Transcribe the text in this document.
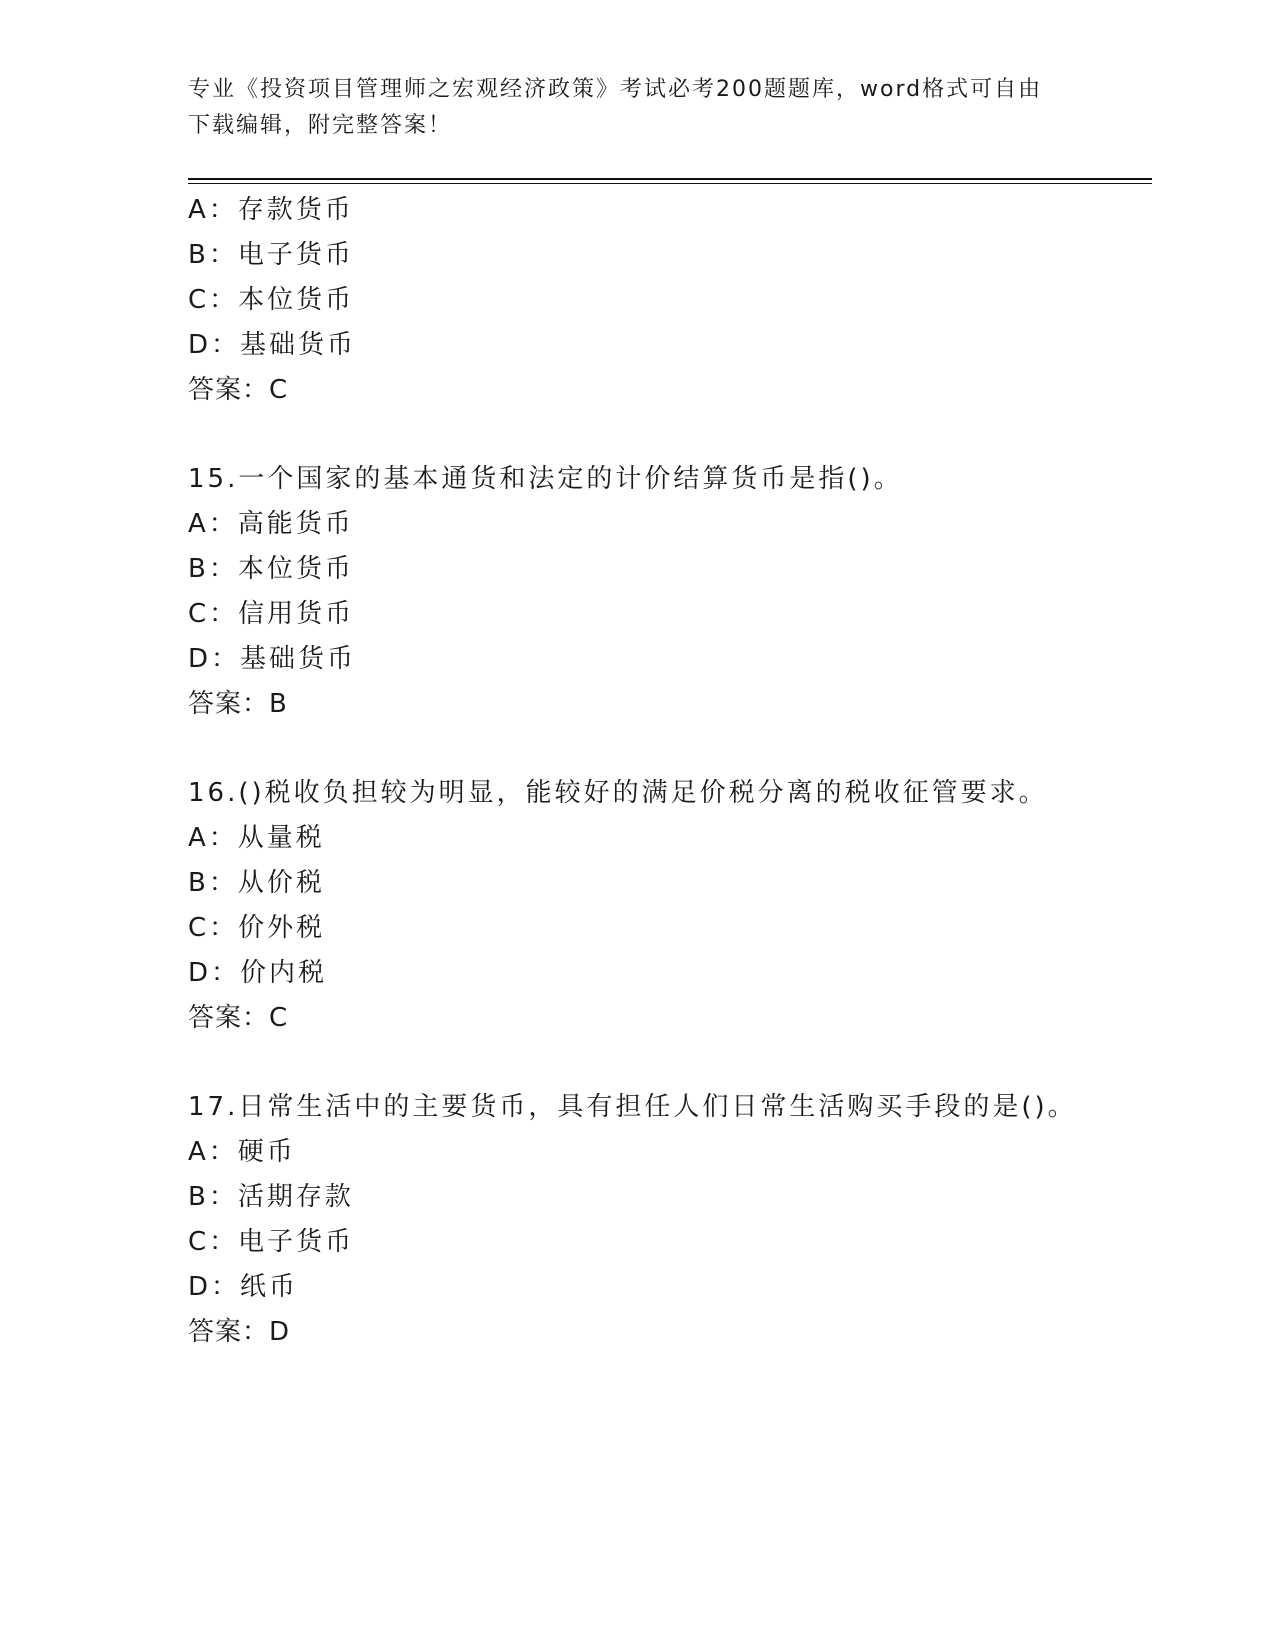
专业《投资项目管理师之宏观经济政策》考试必考200题题库，word格式可自由
下载编辑，附完整答案！
A：存款货币
B：电子货币
C：本位货币
D：基础货币
答案：C
15.一个国家的基本通货和法定的计价结算货币是指()。
A：高能货币
B：本位货币
C：信用货币
D：基础货币
答案：B
16.()税收负担较为明显，能较好的满足价税分离的税收征管要求。
A：从量税
B：从价税
C：价外税
D：价内税
答案：C
17.日常生活中的主要货币，具有担任人们日常生活购买手段的是()。
A：硬币
B：活期存款
C：电子货币
D：纸币
答案：D
